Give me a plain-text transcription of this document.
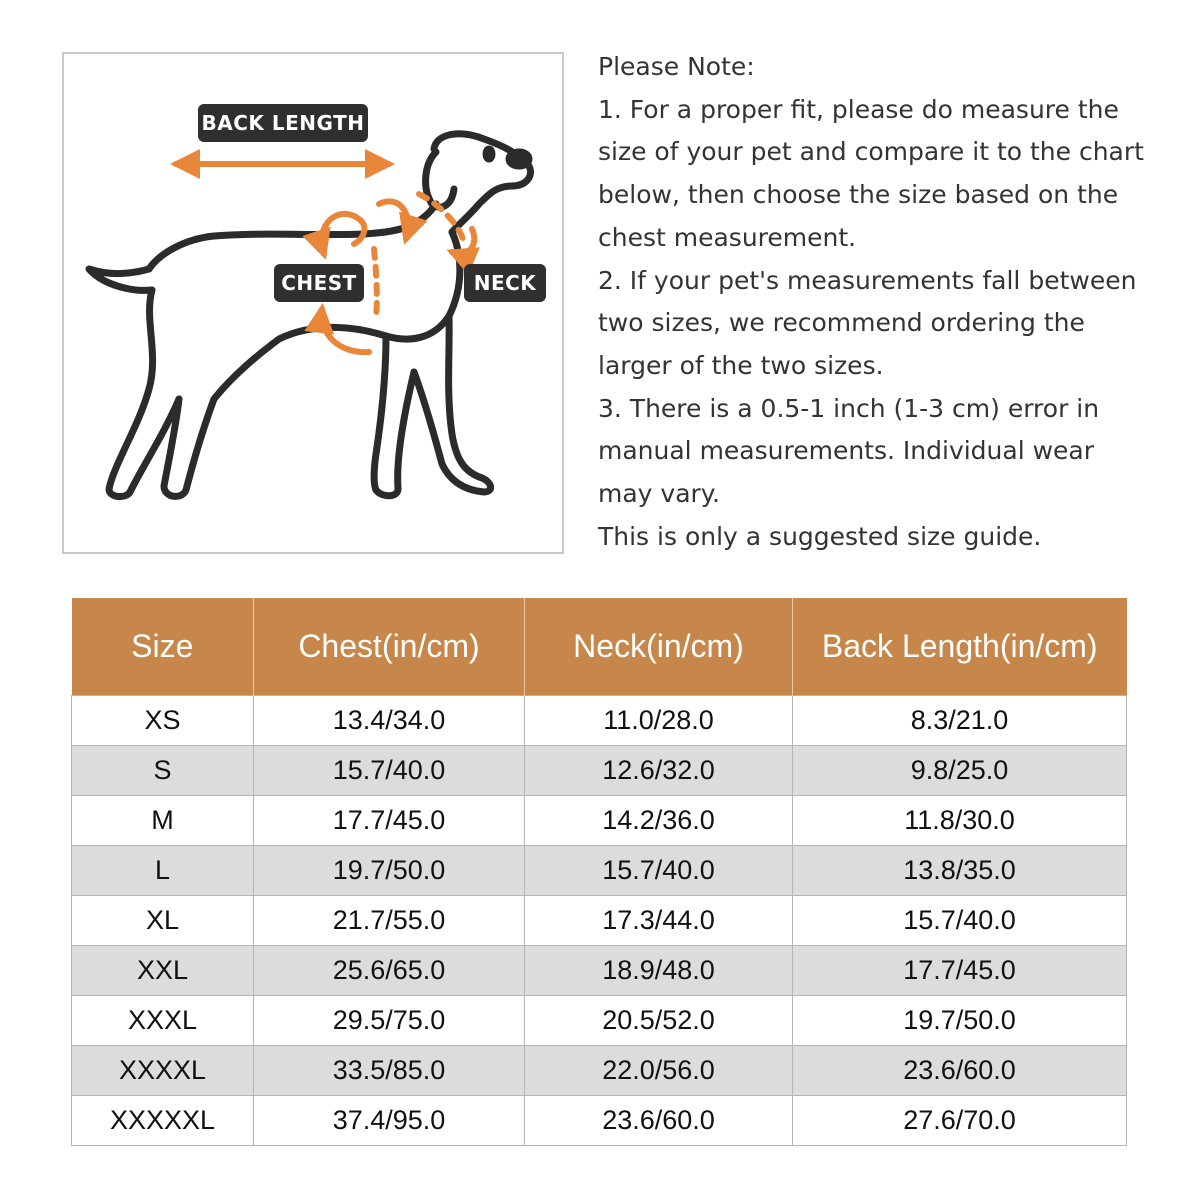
BACK LENGTH
CHEST	NECK
Please Note:
1. For a proper fit, please do measure the
size of your pet and compare it to the chart
below, then choose the size based on the
chest measurement.
2. If your pet's measurements fall between
two sizes, we recommend ordering the
larger of the two sizes.
3. There is a 0.5-1 inch (1-3 cm) error in
manual measurements. Individual wear
may vary.
This is only a suggested size guide.
Size	Chest(in/cm)	Neck(in/cm)	Back Length(in/cm)
XS	13.4/34.0	11.0/28.0	8.3/21.0
S	15.7/40.0	12.6/32.0	9.8/25.0
M	17.7/45.0	14.2/36.0	11.8/30.0
L	19.7/50.0	15.7/40.0	13.8/35.0
XL	21.7/55.0	17.3/44.0	15.7/40.0
XXL	25.6/65.0	18.9/48.0	17.7/45.0
XXXL	29.5/75.0	20.5/52.0	19.7/50.0
XXXXL	33.5/85.0	22.0/56.0	23.6/60.0
XXXXXL	37.4/95.0	23.6/60.0	27.6/70.0
